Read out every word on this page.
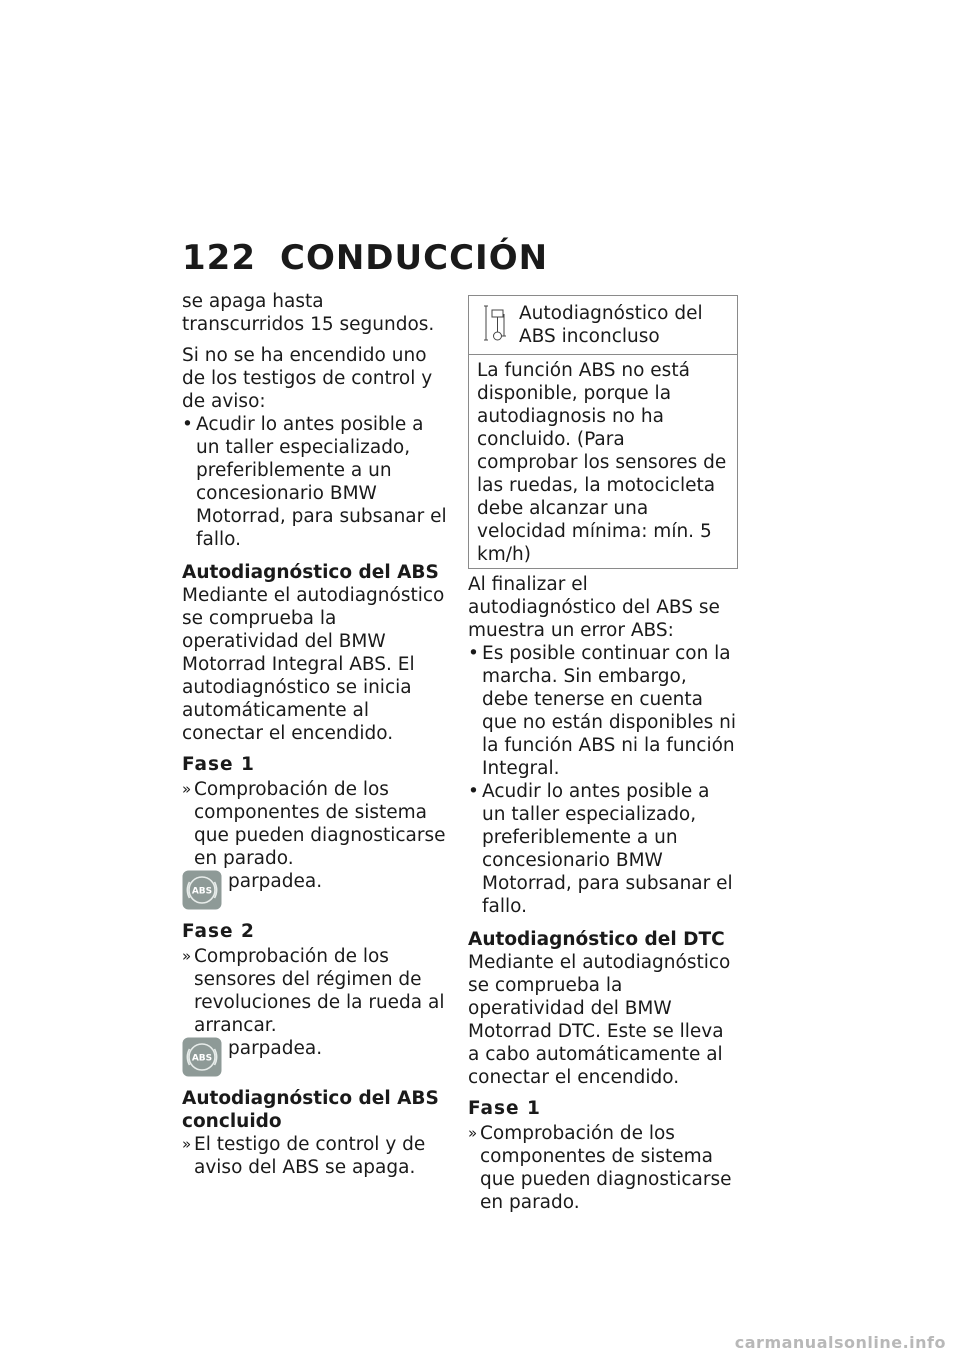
122 CONDUCCIÓN

se apaga hasta transcurridos 15 segundos.

Si no se ha encendido uno de los testigos de control y de aviso:

• Acudir lo antes posible a un taller especializado, preferiblemente a un concesionario BMW Motorrad, para subsanar el fallo.

Autodiagnóstico del ABS

Mediante el autodiagnóstico se comprueba la operatividad del BMW Motorrad Integral ABS. El autodiagnóstico se inicia automáticamente al conectar el encendido.

Fase 1

» Comprobación de los componentes de sistema que pueden diagnosticarse en parado.
ABS parpadea.

Fase 2

» Comprobación de los sensores del régimen de revoluciones de la rueda al arrancar.
ABS parpadea.

Autodiagnóstico del ABS concluido

» El testigo de control y de aviso del ABS se apaga.
Autodiagnóstico del ABS inconcluso
La función ABS no está disponible, porque la autodiagnosis no ha concluido. (Para comprobar los sensores de las ruedas, la motocicleta debe alcanzar una velocidad mínima: mín. 5 km/h)

Al finalizar el autodiagnóstico del ABS se muestra un error ABS:

• Es posible continuar con la marcha. Sin embargo, debe tenerse en cuenta que no están disponibles ni la función ABS ni la función Integral.
• Acudir lo antes posible a un taller especializado, preferiblemente a un concesionario BMW Motorrad, para subsanar el fallo.

Autodiagnóstico del DTC

Mediante el autodiagnóstico se comprueba la operatividad del BMW Motorrad DTC. Este se lleva a cabo automáticamente al conectar el encendido.

Fase 1

» Comprobación de los componentes de sistema que pueden diagnosticarse en parado.
carmanualsonline.info
